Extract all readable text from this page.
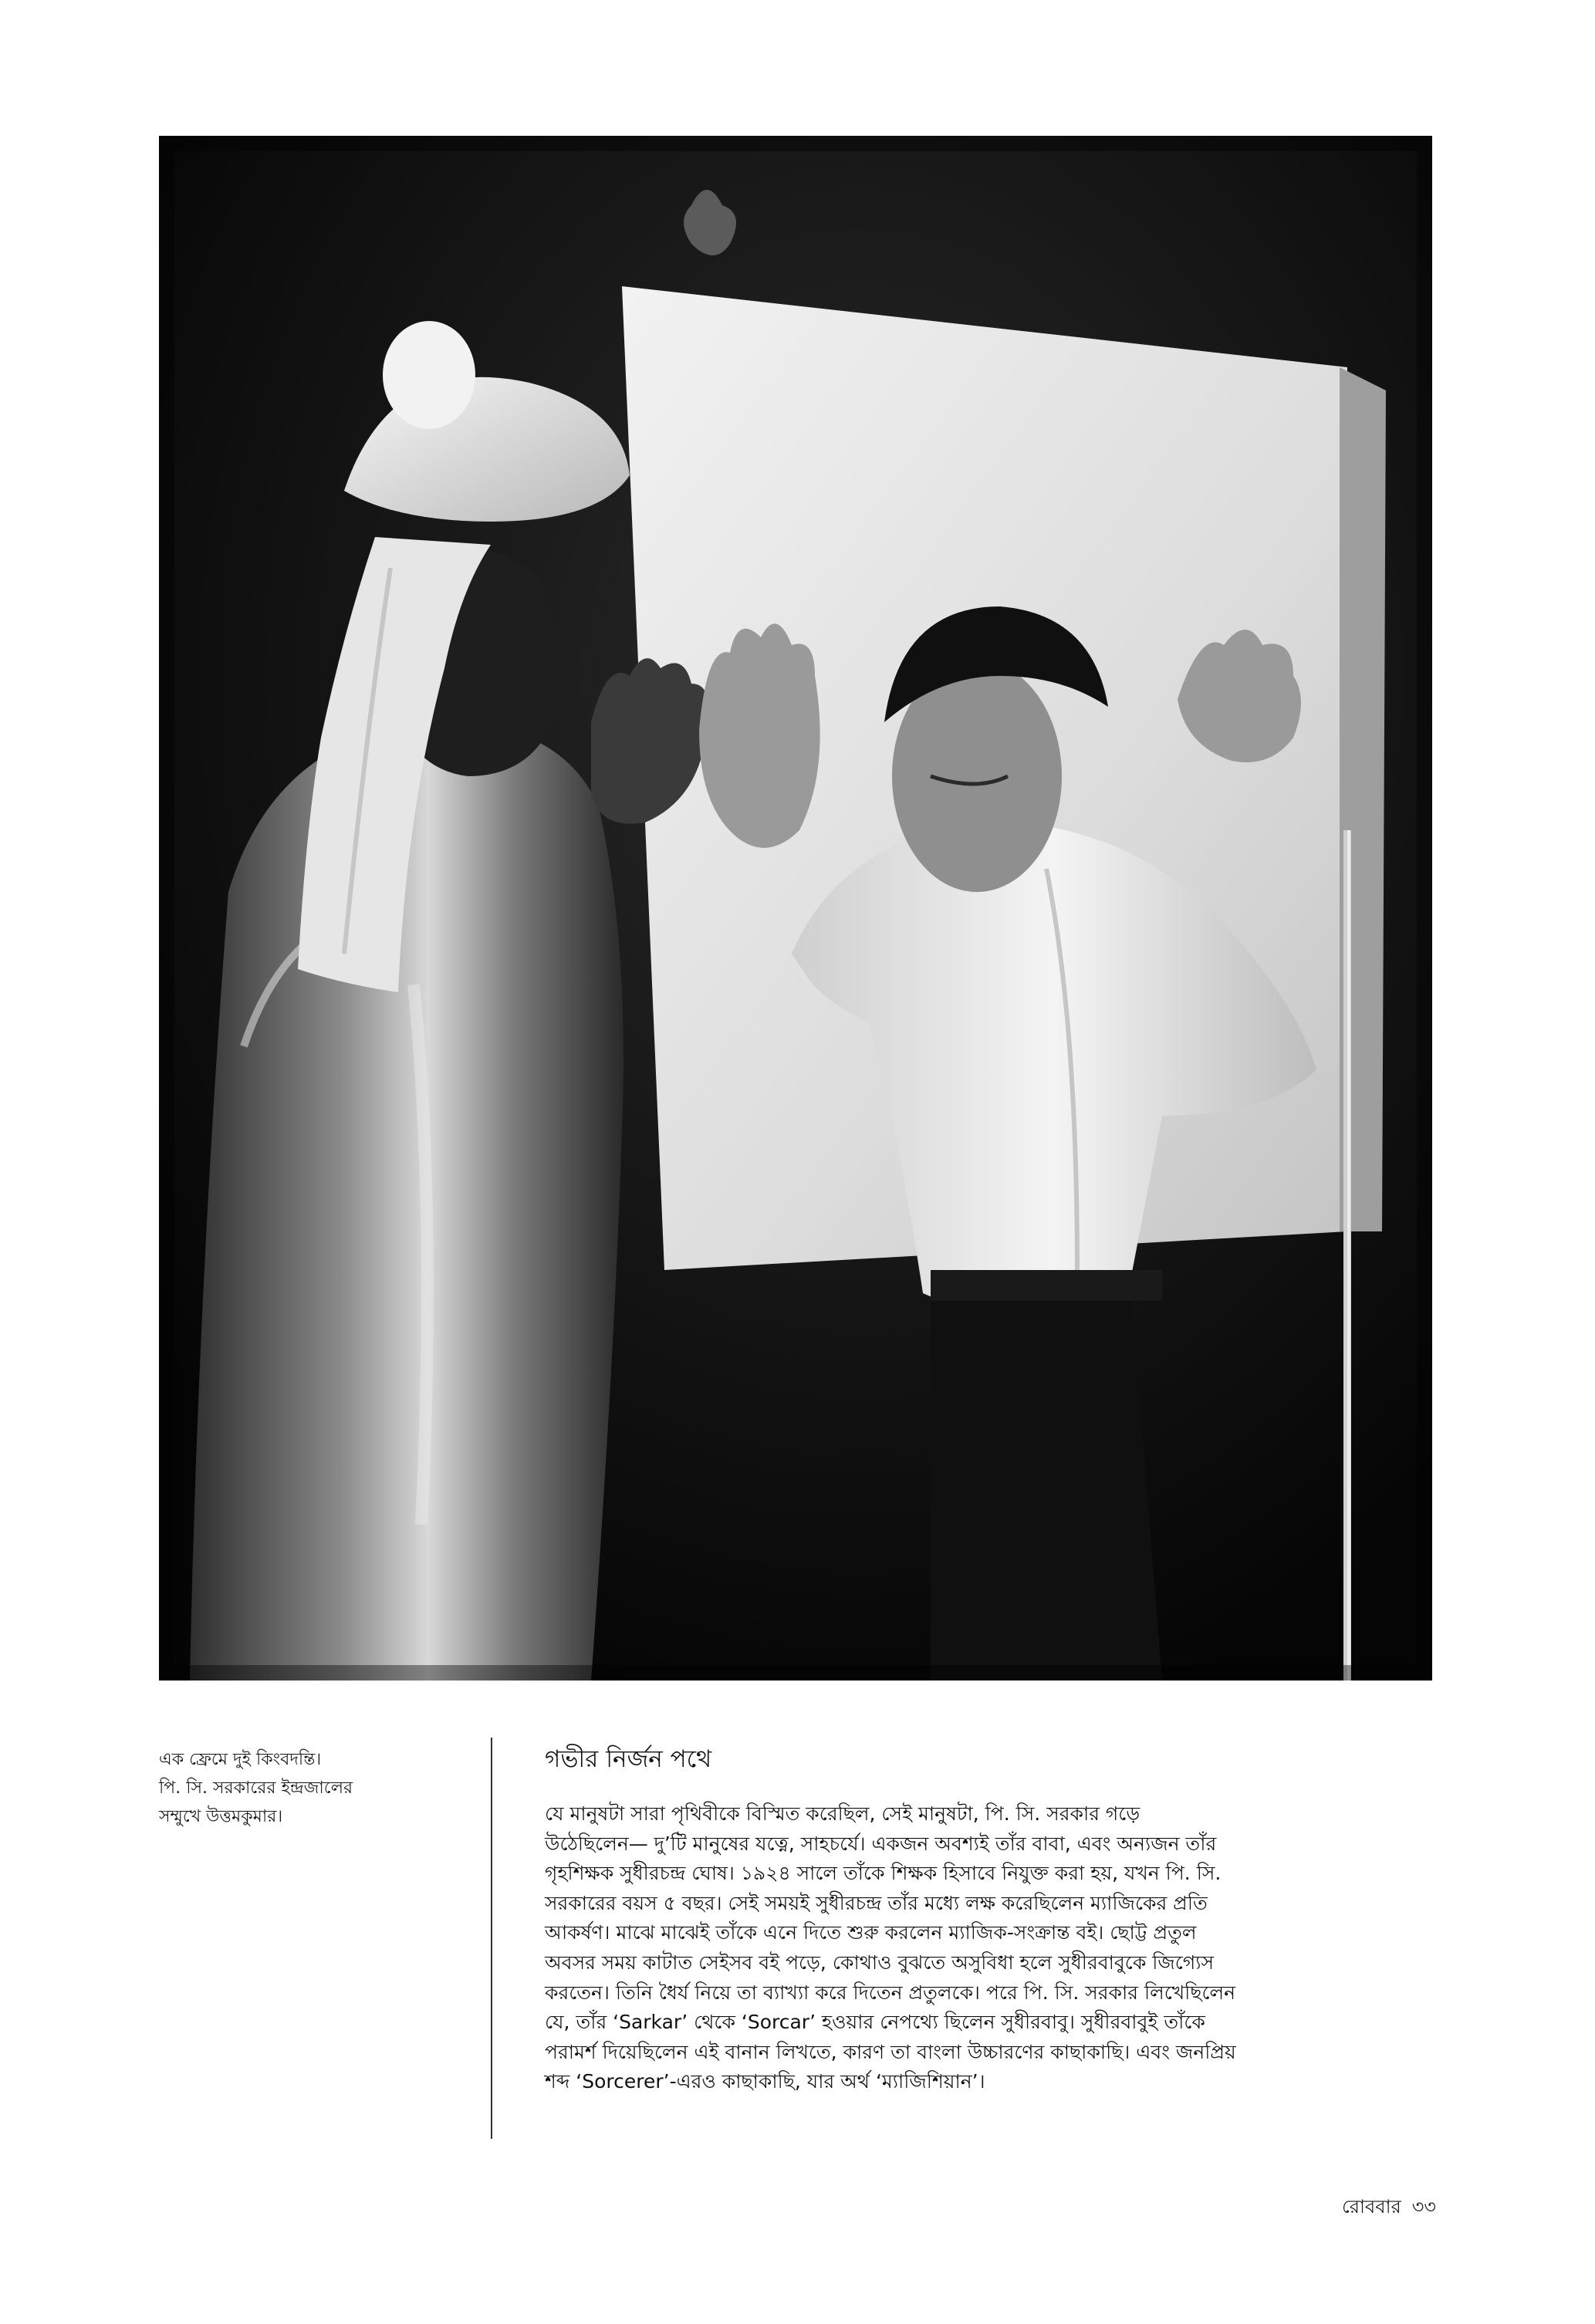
এক ফ্রেমে দুই কিংবদন্তি।

পি. সি. সরকারের ইন্দ্রজালের

সম্মুখে উত্তমকুমার।

গভীর নির্জন পথে
যে মানুষটা সারা পৃথিবীকে বিস্মিত করেছিল, সেই মানুষটা, পি. সি. সরকার গড়ে
উঠেছিলেন— দু’টি মানুষের যত্নে, সাহচর্যে। একজন অবশ্যই তাঁর বাবা, এবং অন্যজন তাঁর
গৃহশিক্ষক সুধীরচন্দ্র ঘোষ। ১৯২৪ সালে তাঁকে শিক্ষক হিসাবে নিযুক্ত করা হয়, যখন পি. সি.
সরকারের বয়স ৫ বছর। সেই সময়ই সুধীরচন্দ্র তাঁর মধ্যে লক্ষ করেছিলেন ম্যাজিকের প্রতি
আকর্ষণ। মাঝে মাঝেই তাঁকে এনে দিতে শুরু করলেন ম্যাজিক-সংক্রান্ত বই। ছোট্ট প্রতুল
অবসর সময় কাটাত সেইসব বই পড়ে, কোথাও বুঝতে অসুবিধা হলে সুধীরবাবুকে জিগ্যেস
করতেন। তিনি ধৈর্য নিয়ে তা ব্যাখ্যা করে দিতেন প্রতুলকে। পরে পি. সি. সরকার লিখেছিলেন
যে, তাঁর ‘Sarkar’ থেকে ‘Sorcar’ হওয়ার নেপথ্যে ছিলেন সুধীরবাবু। সুধীরবাবুই তাঁকে
পরামর্শ দিয়েছিলেন এই বানান লিখতে, কারণ তা বাংলা উচ্চারণের কাছাকাছি। এবং জনপ্রিয়
শব্দ ‘Sorcerer’-এরও কাছাকাছি, যার অর্থ ‘ম্যাজিশিয়ান’।
রোববার ৩৩
